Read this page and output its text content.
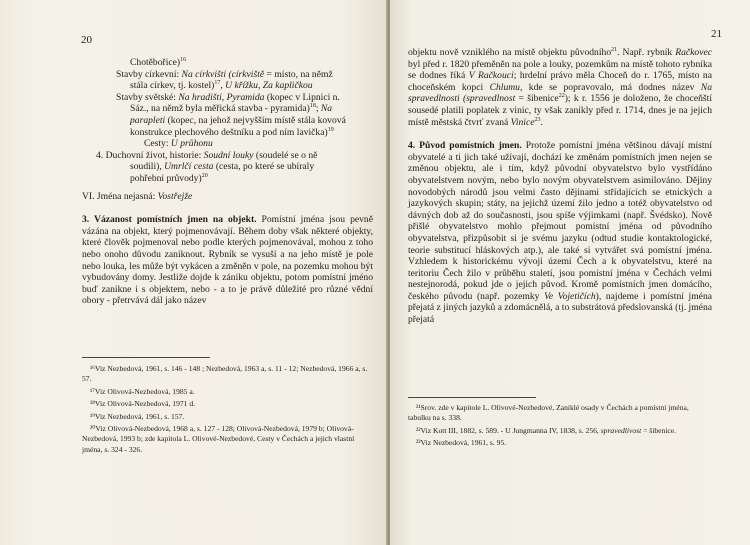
20

Chotěbořice)$^{16}$

Stavby církevní: Na církvišti (církviště = místo, na němž

stála církev, tj. kostel)$^{17}$, U křížku, Za kapličkou

Stavby světské: Na hradišti, Pyramida (kopec v Lipnici n.

Sáz., na němž byla měřická stavba - pyramida)$^{18}$; Na

parapleti (kopec, na jehož nejvyšším místě stála kovová

konstrukce plechového deštníku a pod ním lavička)$^{19}$

Cesty: U průhonu

4. Duchovní život, historie: Soudní louky (soudelé se o ně

soudili), Umrlčí cesta (cesta, po které se ubíraly

pohřební průvody)$^{20}$

VI. Jména nejasná: Vostřejže

3. Vázanost pomístních jmen na objekt. Pomístní jména jsou pevně vázána na objekt, který pojmenovávají. Během doby však některé objekty, které člověk pojmenoval nebo podle kterých pojmenovával, mohou z toho nebo onoho důvodu zaniknout. Rybník se vysuší a na jeho místě je pole nebo louka, les může být vykácen a změněn v pole, na pozemku mohou být vybudovány domy. Jestliže dojde k zániku objektu, potom pomístní jméno buď zanikne i s objektem, nebo - a to je právě důležité pro různé vědní obory - přetrvává dál jako název

¹⁶Viz Nezbedová, 1961, s. 146 - 148 ; Nezbedová, 1963 a, s. 11 - 12; Nezbedová, 1966 a, s. 57.

¹⁷Viz Olivová-Nezbedová, 1985 a.

¹⁸Viz Olivová-Nezbedová, 1971 d.

¹⁹Viz Nezbedová, 1961, s. 157.

²⁰Viz Olivová-Nezbedová, 1968 a, s. 127 - 128; Olivová-Nezbedová, 1979 b; Olivová-Nezbedová, 1993 b; zde kapitola L. Olivové-Nezbedové, Cesty v Čechách a jejich vlastní jména, s. 324 - 326.

21

objektu nově vzniklého na místě objektu původního$^{21}$. Např. rybník Račkovec byl před r. 1820 přeměněn na pole a louky, pozemkům na místě tohoto rybníka se dodnes říká V Račkouci; hrdelní právo měla Choceň do r. 1765, místo na choceňském kopci Chlumu, kde se popravovalo, má dodnes název Na spravedlnosti (spravedlnost = šibenice$^{22}$); k r. 1556 je doloženo, že choceňští sousedé platili poplatek z vinic, ty však zanikly před r. 1714, dnes je na jejich místě městská čtvrť zvaná Vinice$^{23}$.

4. Původ pomístních jmen. Protože pomístní jména většinou dávají místní obyvatelé a ti jich také užívají, dochází ke změnám pomístních jmen nejen se změnou objektu, ale i tím, když původní obyvatelstvo bylo vystřídáno obyvatelstvem novým, nebo bylo novým obyvatelstvem asimilováno. Dějiny novodobých národů jsou velmi často dějinami střídajících se etnických a jazykových skupin; státy, na jejichž území žilo jedno a totéž obyvatelstvo od dávných dob až do současnosti, jsou spíše výjimkami (např. Švédsko). Nově přišlé obyvatelstvo mohlo přejmout pomístní jména od původního obyvatelstva, přizpůsobit si je svému jazyku (odtud studie kontaktologické, teorie substitucí hláskových atp.), ale také si vytvářet svá pomístní jména. Vzhledem k historickému vývoji území Čech a k obyvatelstvu, které na teritoriu Čech žilo v průběhu staletí, jsou pomístní jména v Čechách velmi nestejnorodá, pokud jde o jejich původ. Kromě pomístních jmen domácího, českého původu (např. pozemky Ve Vojetičích), najdeme i pomístní jména přejatá z jiných jazyků a zdomácnělá, a to substrátová předslovanská (tj. jména přejatá

²¹Srov. zde v kapitole L. Olivové-Nezbedové, Zaniklé osady v Čechách a pomístní jména, tabulku na s. 338.

²²Viz Kott III, 1882, s. 589. - U Jungmanna IV, 1838, s. 256, spravedlivost = šibenice.

²³Viz Nezbedová, 1961, s. 95.
